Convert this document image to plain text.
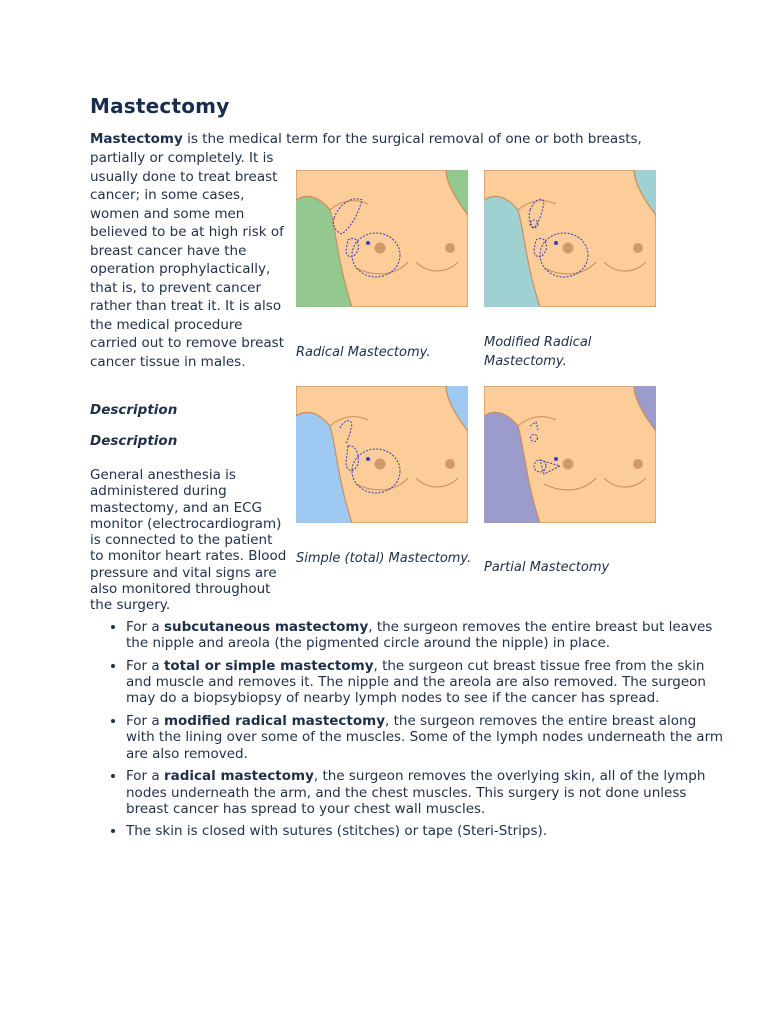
Mastectomy

Mastectomy is the medical term for the surgical removal of one or both breasts,

partially or completely. It is usually done to treat breast cancer; in some cases, women and some men believed to be at high risk of breast cancer have the operation prophylactically, that is, to prevent cancer rather than treat it. It is also the medical procedure carried out to remove breast cancer tissue in males.

Description

Description

General anesthesia is administered during mastectomy, and an ECG monitor (electrocardiogram) is connected to the patient to monitor heart rates. Blood pressure and vital signs are also monitored throughout the surgery.

Radical Mastectomy.

Modified Radical Mastectomy.

Simple (total) Mastectomy.

Partial Mastectomy

• For a subcutaneous mastectomy, the surgeon removes the entire breast but leaves the nipple and areola (the pigmented circle around the nipple) in place.
• For a total or simple mastectomy, the surgeon cut breast tissue free from the skin and muscle and removes it. The nipple and the areola are also removed. The surgeon may do a biopsybiopsy of nearby lymph nodes to see if the cancer has spread.
• For a modified radical mastectomy, the surgeon removes the entire breast along with the lining over some of the muscles. Some of the lymph nodes underneath the arm are also removed.
• For a radical mastectomy, the surgeon removes the overlying skin, all of the lymph nodes underneath the arm, and the chest muscles. This surgery is not done unless breast cancer has spread to your chest wall muscles.
• The skin is closed with sutures (stitches) or tape (Steri-Strips).
